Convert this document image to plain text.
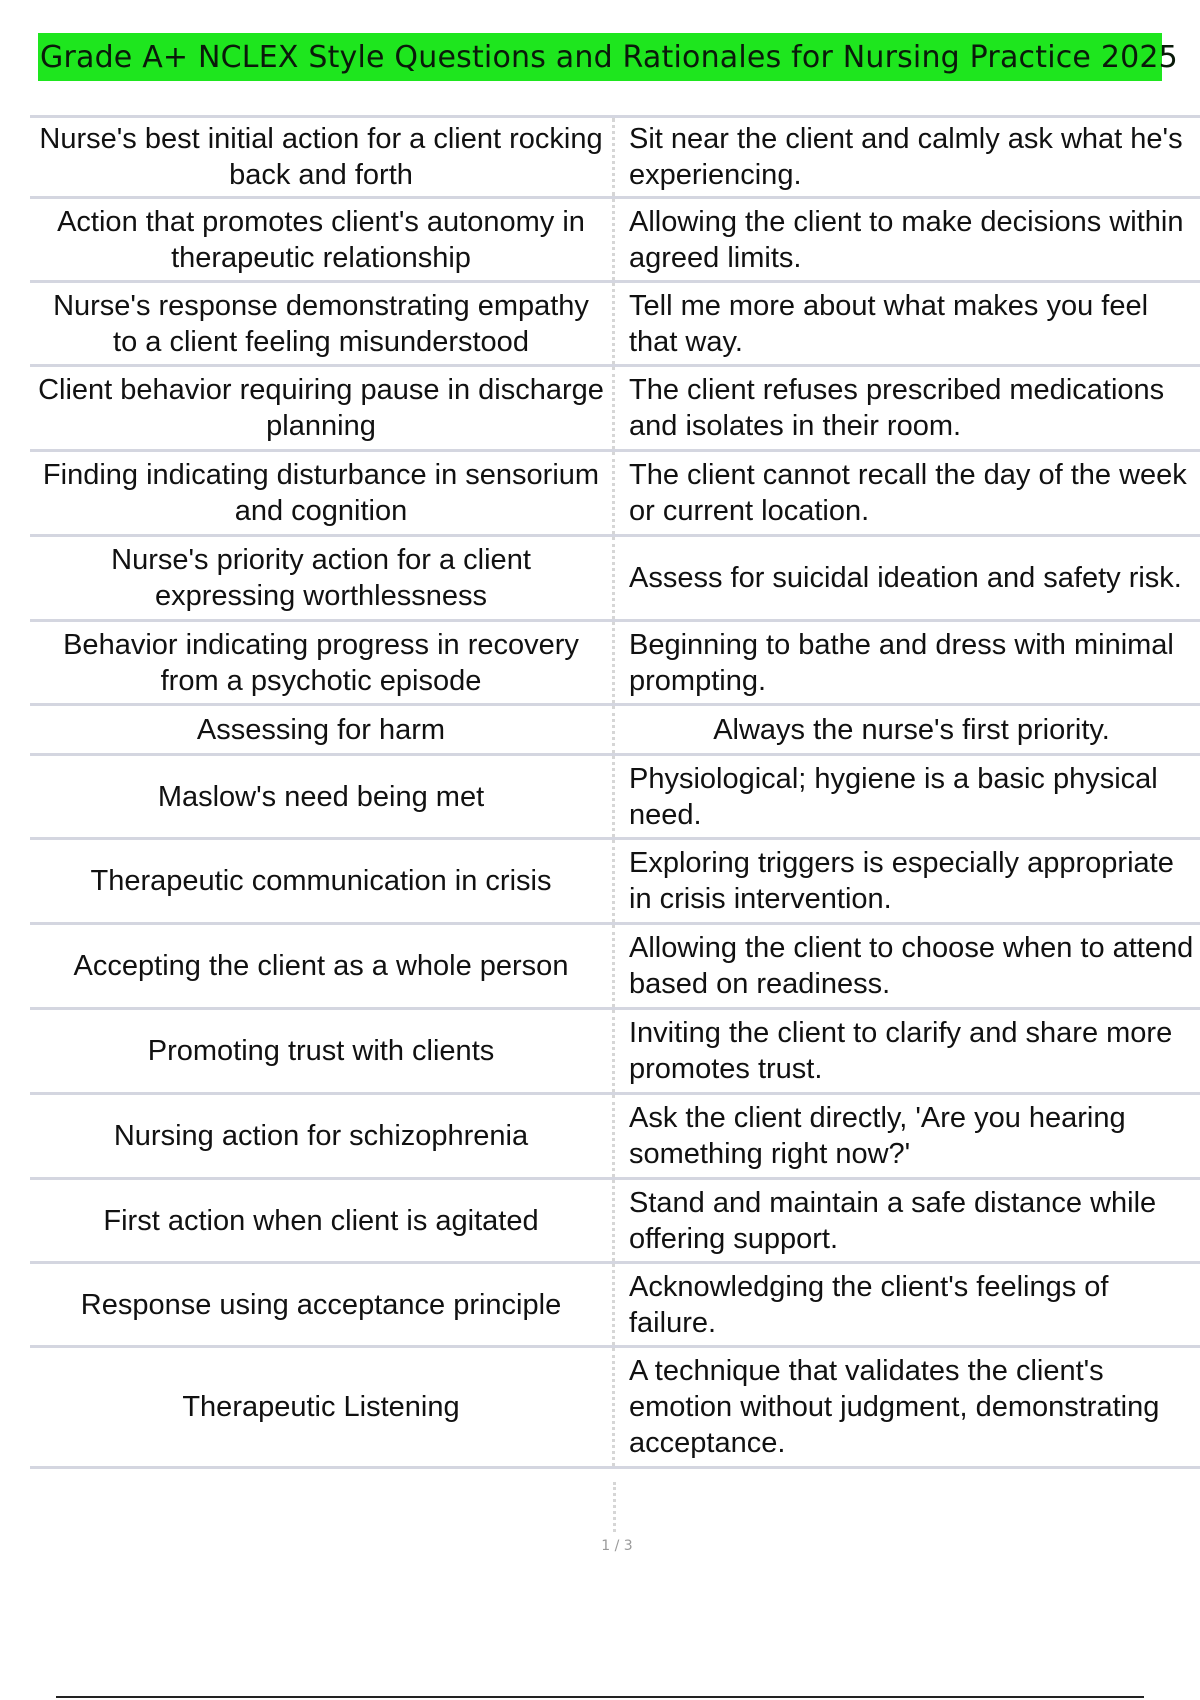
Grade A+ NCLEX Style Questions and Rationales for Nursing Practice 2025
Nurse's best initial action for a client rocking back and forth
Sit near the client and calmly ask what he's experiencing.
Action that promotes client's autonomy in therapeutic relationship
Allowing the client to make decisions within agreed limits.
Nurse's response demonstrating empathy to a client feeling misunderstood
Tell me more about what makes you feel that way.
Client behavior requiring pause in discharge planning
The client refuses prescribed medications and isolates in their room.
Finding indicating disturbance in sensorium and cognition
The client cannot recall the day of the week or current location.
Nurse's priority action for a client expressing worthlessness
Assess for suicidal ideation and safety risk.
Behavior indicating progress in recovery from a psychotic episode
Beginning to bathe and dress with minimal prompting.
Assessing for harm	Always the nurse's first priority.
Maslow's need being met
Physiological; hygiene is a basic physical need.
Therapeutic communication in crisis
Exploring triggers is especially appropriate in crisis intervention.
Accepting the client as a whole person
Allowing the client to choose when to attend based on readiness.
Promoting trust with clients
Inviting the client to clarify and share more promotes trust.
Nursing action for schizophrenia
Ask the client directly, 'Are you hearing something right now?'
First action when client is agitated
Stand and maintain a safe distance while offering support.
Response using acceptance principle
Acknowledging the client's feelings of failure.
Therapeutic Listening
A technique that validates the client's emotion without judgment, demonstrating acceptance.
1 / 3
